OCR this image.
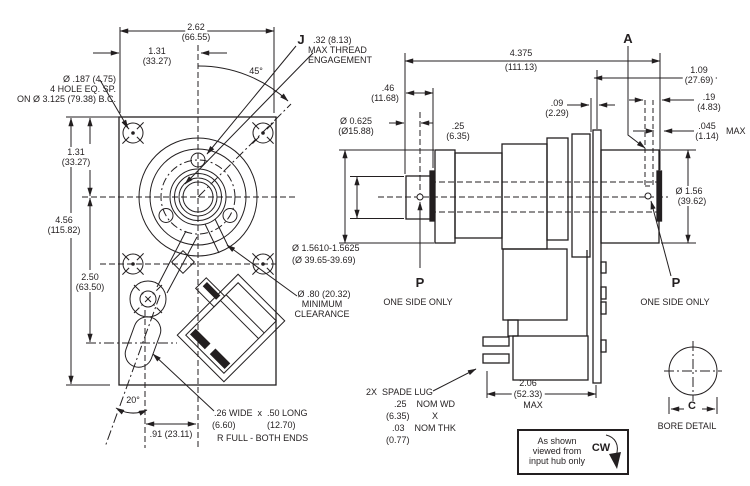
Ø .187 (4.75)
4 HOLE EQ. SP.
ON Ø 3.125 (79.38) B.C.
2.62
(66.55)
1.31
(33.27)
J .32 (8.13)
MAX THREAD
ENGAGEMENT
45°
1.31
(33.27)
4.56
(115.82)
2.50
(63.50)
20°
.91 (23.11)
.26 WIDE  x  .50 LONG
(6.60)	(12.70)
R FULL - BOTH ENDS
Ø .80 (20.32)
MINIMUM
CLEARANCE
4.375
(111.13)
A
1.09
(27.69)
.46
(11.68)
Ø 0.625
(Ø15.88)	.25
(6.35)
.09
(2.29)
.19
(4.83)
.045
(1.14) MAX
Ø 1.5610-1.5625
(Ø 39.65-39.69)
Ø 1.56
(39.62)
P
ONE SIDE ONLY
P
ONE SIDE ONLY
2.06
(52.33)
MAX
2X  SPADE LUG
.25    NOM WD
(6.35)         X
.03    NOM THK
(0.77)
C
BORE DETAIL
As shown
viewed from
input hub only
CW
